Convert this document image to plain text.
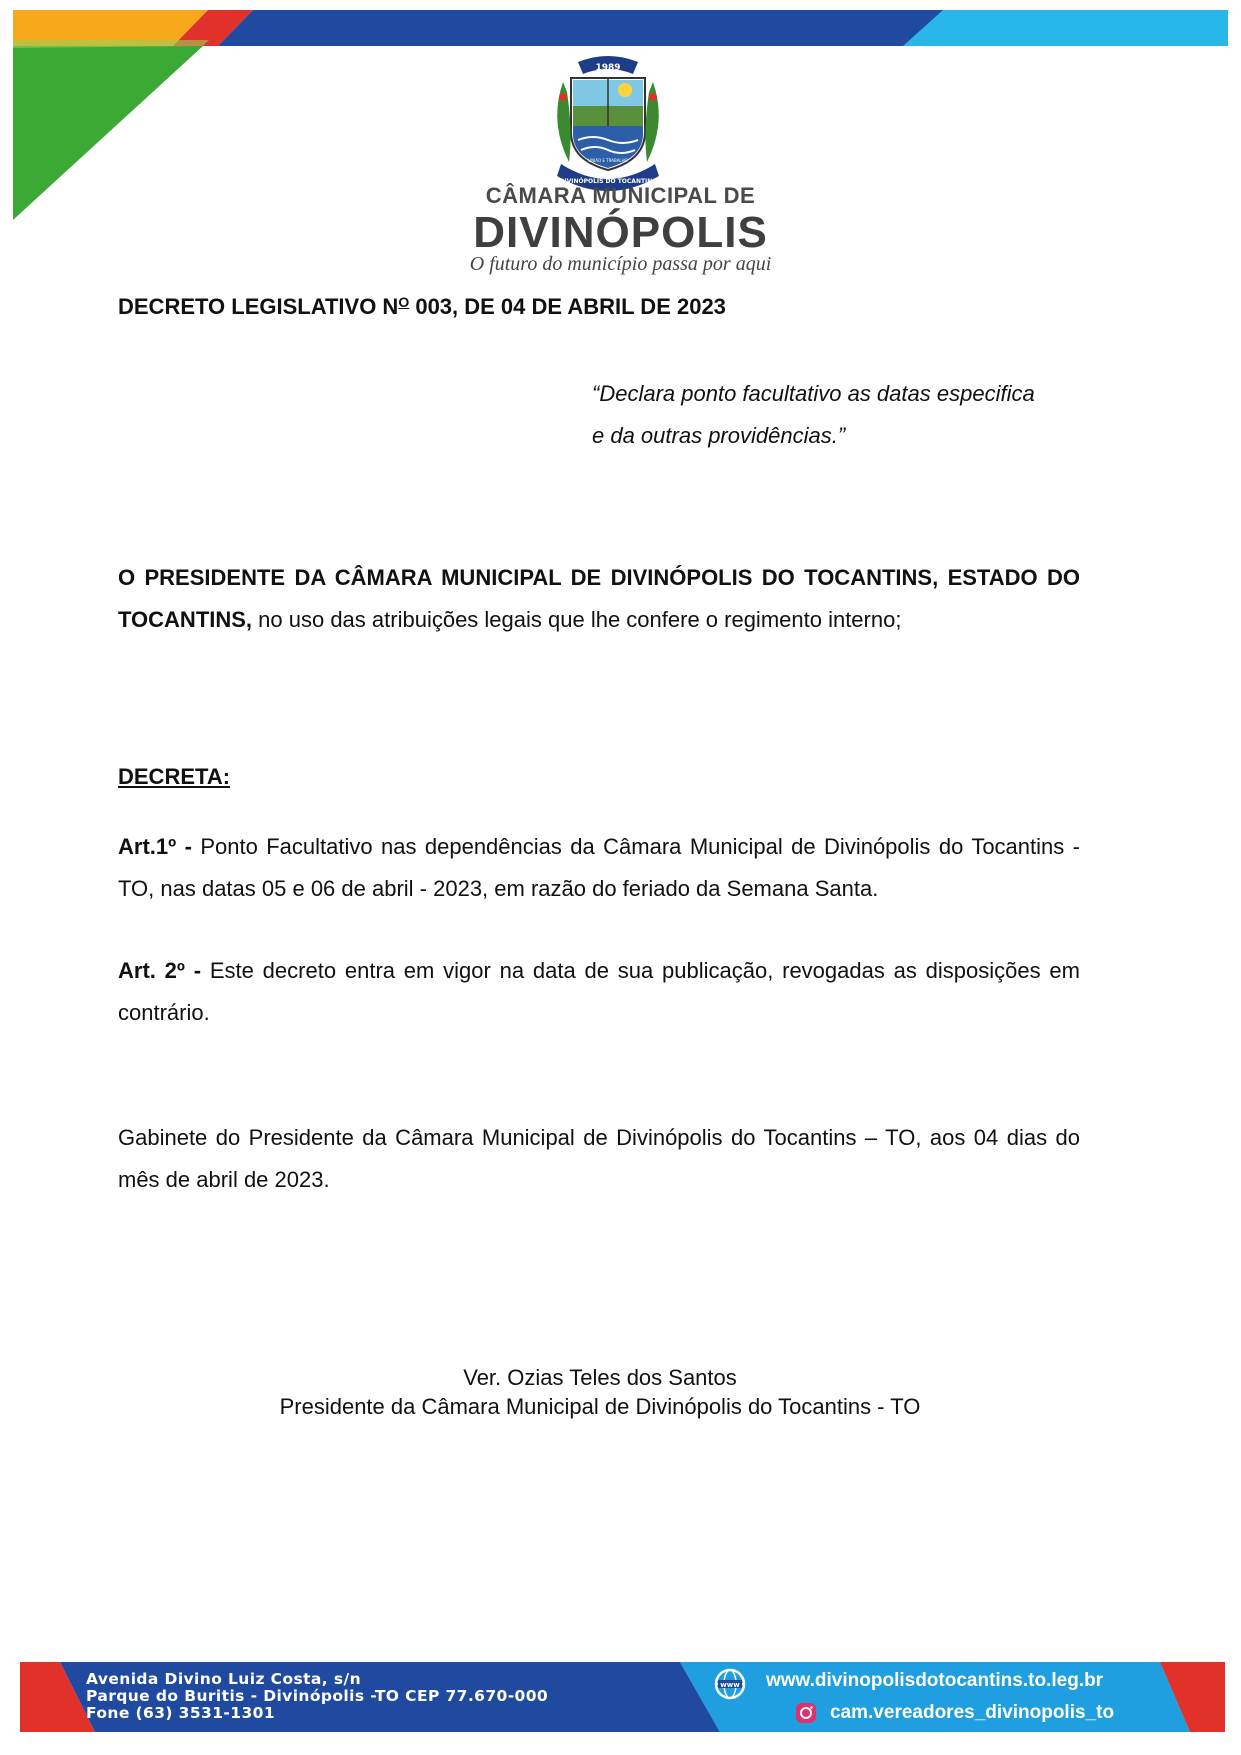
1989
DIVINÓPOLIS DO TOCANTINS
UNIÃO E TRABALHO
CÂMARA MUNICIPAL DE
DIVINÓPOLIS
O futuro do município passa por aqui
DECRETO LEGISLATIVO $N^O$ 003, DE 04 DE ABRIL DE 2023
“Declara ponto facultativo as datas especifica
e da outras providências.”
O PRESIDENTE DA CÂMARA MUNICIPAL DE DIVINÓPOLIS DO TOCANTINS, ESTADO DO TOCANTINS, no uso das atribuições legais que lhe confere o regimento interno;
DECRETA:
Art.1º - Ponto Facultativo nas dependências da Câmara Municipal de Divinópolis do Tocantins - TO, nas datas 05 e 06 de abril - 2023, em razão do feriado da Semana Santa.
Art. 2º - Este decreto entra em vigor na data de sua publicação, revogadas as disposições em contrário.
Gabinete do Presidente da Câmara Municipal de Divinópolis do Tocantins – TO, aos 04 dias do mês de abril de 2023.
Ver. Ozias Teles dos Santos
Presidente da Câmara Municipal de Divinópolis do Tocantins - TO
Avenida Divino Luiz Costa, s/n
Parque do Buritis - Divinópolis -TO CEP 77.670-000
Fone (63) 3531-1301
www www.divinopolisdotocantins.to.leg.br
cam.vereadores_divinopolis_to
